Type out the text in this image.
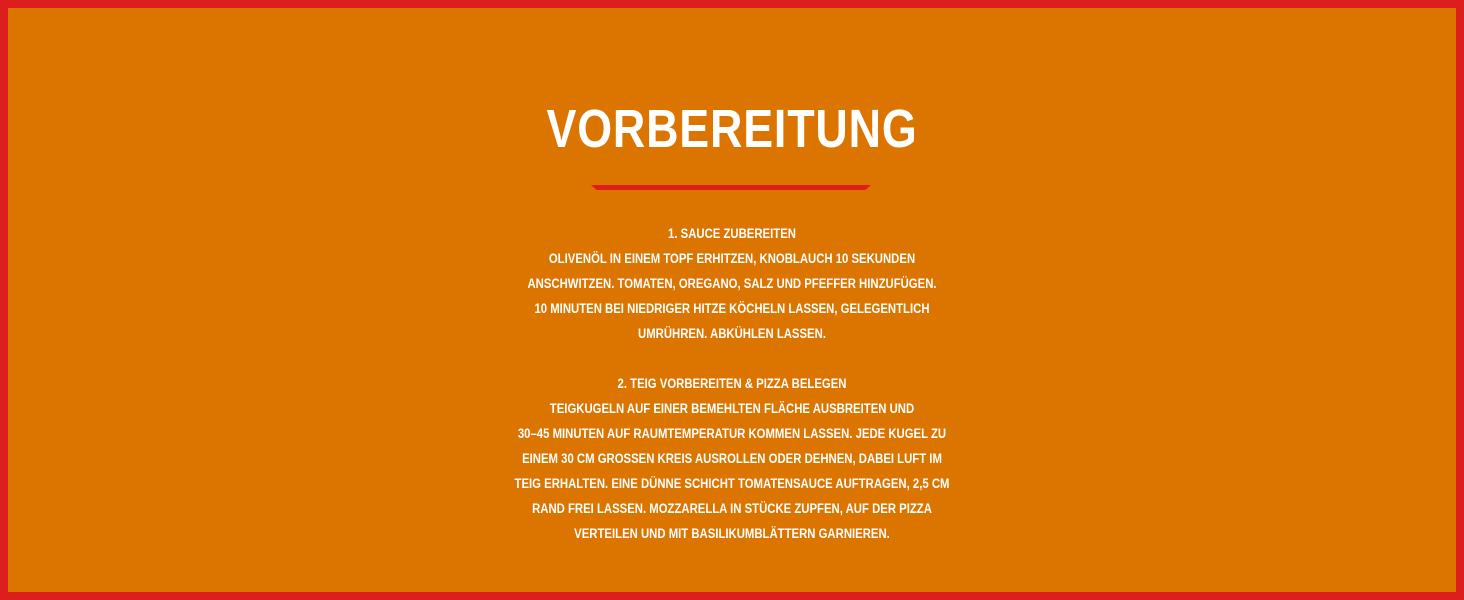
VORBEREITUNG
1. SAUCE ZUBEREITEN
OLIVENÖL IN EINEM TOPF ERHITZEN, KNOBLAUCH 10 SEKUNDEN
ANSCHWITZEN. TOMATEN, OREGANO, SALZ UND PFEFFER HINZUFÜGEN.
10 MINUTEN BEI NIEDRIGER HITZE KÖCHELN LASSEN, GELEGENTLICH
UMRÜHREN. ABKÜHLEN LASSEN.
2. TEIG VORBEREITEN & PIZZA BELEGEN
TEIGKUGELN AUF EINER BEMEHLTEN FLÄCHE AUSBREITEN UND
30–45 MINUTEN AUF RAUMTEMPERATUR KOMMEN LASSEN. JEDE KUGEL ZU
EINEM 30 CM GROSSEN KREIS AUSROLLEN ODER DEHNEN, DABEI LUFT IM
TEIG ERHALTEN. EINE DÜNNE SCHICHT TOMATENSAUCE AUFTRAGEN, 2,5 CM
RAND FREI LASSEN. MOZZARELLA IN STÜCKE ZUPFEN, AUF DER PIZZA
VERTEILEN UND MIT BASILIKUMBLÄTTERN GARNIEREN.
